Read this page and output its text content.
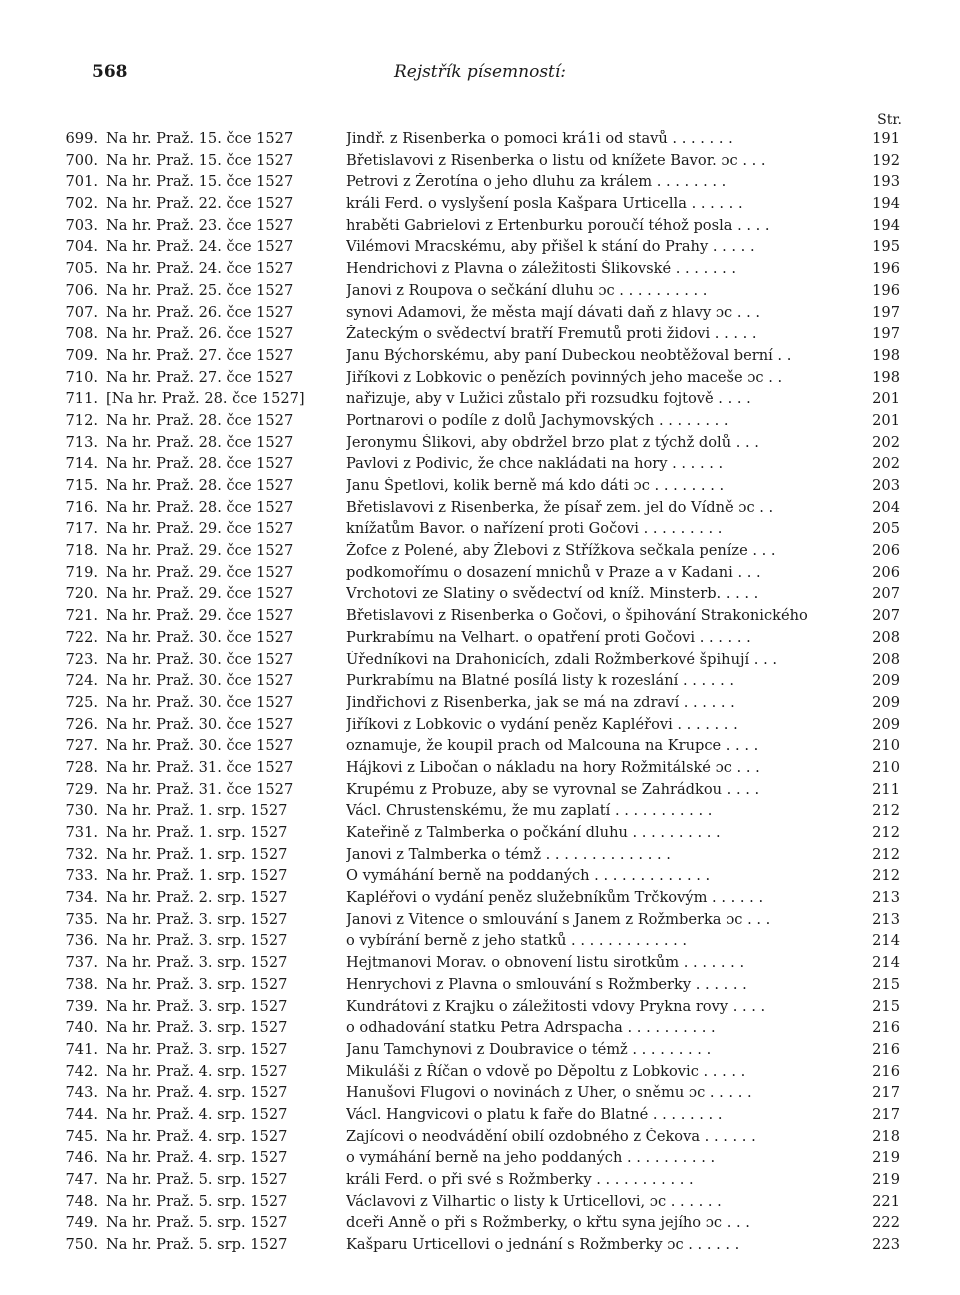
568	Rejstřík písemností:
Str.
699. Na hr. Praž. 15. čce 1527	Jindř. z Risenberka o pomoci krá1i od stavů . . . . . . .	191
700. Na hr. Praž. 15. čce 1527	Břetislavovi z Risenberka o listu od knížete Bavor. ɔc . . .	192
701. Na hr. Praž. 15. čce 1527	Petrovi z Žerotína o jeho dluhu za králem . . . . . . . .	193
702. Na hr. Praž. 22. čce 1527	králi Ferd. o vyslyšení posla Kašpara Urticella . . . . . .	194
703. Na hr. Praž. 23. čce 1527	hraběti Gabrielovi z Ertenburku poroučí téhož posla . . . .	194
704. Na hr. Praž. 24. čce 1527	Vilémovi Mracskému, aby přišel k stání do Prahy . . . . .	195
705. Na hr. Praž. 24. čce 1527	Hendrichovi z Plavna o záležitosti Šlikovské . . . . . . .	196
706. Na hr. Praž. 25. čce 1527	Janovi z Roupova o sečkání dluhu ɔc . . . . . . . . . .	196
707. Na hr. Praž. 26. čce 1527	synovi Adamovi, že města mají dávati daň z hlavy ɔc . . .	197
708. Na hr. Praž. 26. čce 1527	Žateckým o svědectví bratří Fremutů proti židovi . . . . .	197
709. Na hr. Praž. 27. čce 1527	Janu Býchorskému, aby paní Dubeckou neobtěžoval berní . .	198
710. Na hr. Praž. 27. čce 1527	Jiříkovi z Lobkovic o penězích povinných jeho maceše ɔc . .	198
711. [Na hr. Praž. 28. čce 1527]	nařizuje, aby v Lužici zůstalo při rozsudku fojtově . . . .	201
712. Na hr. Praž. 28. čce 1527	Portnarovi o podíle z dolů Jachymovských . . . . . . . .	201
713. Na hr. Praž. 28. čce 1527	Jeronymu Šlikovi, aby obdržel brzo plat z týchž dolů . . .	202
714. Na hr. Praž. 28. čce 1527	Pavlovi z Podivic, že chce nakládati na hory . . . . . .	202
715. Na hr. Praž. 28. čce 1527	Janu Špetlovi, kolik berně má kdo dáti ɔc . . . . . . . .	203
716. Na hr. Praž. 28. čce 1527	Břetislavovi z Risenberka, že písař zem. jel do Vídně ɔc . .	204
717. Na hr. Praž. 29. čce 1527	knížatům Bavor. o nařízení proti Gočovi . . . . . . . . .	205
718. Na hr. Praž. 29. čce 1527	Žofce z Polené, aby Žlebovi z Střížkova sečkala peníze . . .	206
719. Na hr. Praž. 29. čce 1527	podkomořímu o dosazení mnichů v Praze a v Kadani . . .	206
720. Na hr. Praž. 29. čce 1527	Vrchotovi ze Slatiny o svědectví od kníž. Minsterb. . . . .	207
721. Na hr. Praž. 29. čce 1527	Břetislavovi z Risenberka o Gočovi, o špihování Strakonického	207
722. Na hr. Praž. 30. čce 1527	Purkrabímu na Velhart. o opatření proti Gočovi . . . . . .	208
723. Na hr. Praž. 30. čce 1527	Úředníkovi na Drahonicích, zdali Rožmberkové špihují . . .	208
724. Na hr. Praž. 30. čce 1527	Purkrabímu na Blatné posílá listy k rozeslání . . . . . .	209
725. Na hr. Praž. 30. čce 1527	Jindřichovi z Risenberka, jak se má na zdraví . . . . . .	209
726. Na hr. Praž. 30. čce 1527	Jiříkovi z Lobkovic o vydání peněz Kapléřovi . . . . . . .	209
727. Na hr. Praž. 30. čce 1527	oznamuje, že koupil prach od Malcouna na Krupce . . . .	210
728. Na hr. Praž. 31. čce 1527	Hájkovi z Libočan o nákladu na hory Rožmitálské ɔc . . .	210
729. Na hr. Praž. 31. čce 1527	Krupému z Probuze, aby se vyrovnal se Zahrádkou . . . .	211
730. Na hr. Praž. 1. srp. 1527	Václ. Chrustenskému, že mu zaplatí . . . . . . . . . . .	212
731. Na hr. Praž. 1. srp. 1527	Kateřině z Talmberka o počkání dluhu . . . . . . . . . .	212
732. Na hr. Praž. 1. srp. 1527	Janovi z Talmberka o témž . . . . . . . . . . . . . .	212
733. Na hr. Praž. 1. srp. 1527	O vymáhání berně na poddaných . . . . . . . . . . . . .	212
734. Na hr. Praž. 2. srp. 1527	Kapléřovi o vydání peněz služebníkům Trčkovým . . . . . .	213
735. Na hr. Praž. 3. srp. 1527	Janovi z Vitence o smlouvání s Janem z Rožmberka ɔc . . .	213
736. Na hr. Praž. 3. srp. 1527	o vybírání berně z jeho statků . . . . . . . . . . . . .	214
737. Na hr. Praž. 3. srp. 1527	Hejtmanovi Morav. o obnovení listu sirotkům . . . . . . .	214
738. Na hr. Praž. 3. srp. 1527	Henrychovi z Plavna o smlouvání s Rožmberky . . . . . .	215
739. Na hr. Praž. 3. srp. 1527	Kundrátovi z Krajku o záležitosti vdovy Prykna rovy . . . .	215
740. Na hr. Praž. 3. srp. 1527	o odhadování statku Petra Adrspacha . . . . . . . . . .	216
741. Na hr. Praž. 3. srp. 1527	Janu Tamchynovi z Doubravice o témž . . . . . . . . .	216
742. Na hr. Praž. 4. srp. 1527	Mikuláši z Říčan o vdově po Děpoltu z Lobkovic . . . . .	216
743. Na hr. Praž. 4. srp. 1527	Hanušovi Flugovi o novinách z Uher, o sněmu ɔc . . . . .	217
744. Na hr. Praž. 4. srp. 1527	Václ. Hangvicovi o platu k faře do Blatné . . . . . . . .	217
745. Na hr. Praž. 4. srp. 1527	Zajícovi o neodvádění obilí ozdobného z Čekova . . . . . .	218
746. Na hr. Praž. 4. srp. 1527	o vymáhání berně na jeho poddaných . . . . . . . . . .	219
747. Na hr. Praž. 5. srp. 1527	králi Ferd. o při své s Rožmberky . . . . . . . . . . .	219
748. Na hr. Praž. 5. srp. 1527	Václavovi z Vilhartic o listy k Urticellovi, ɔc . . . . . .	221
749. Na hr. Praž. 5. srp. 1527	dceři Anně o při s Rožmberky, o křtu syna jejího ɔc . . .	222
750. Na hr. Praž. 5. srp. 1527	Kašparu Urticellovi o jednání s Rožmberky ɔc . . . . . .	223
